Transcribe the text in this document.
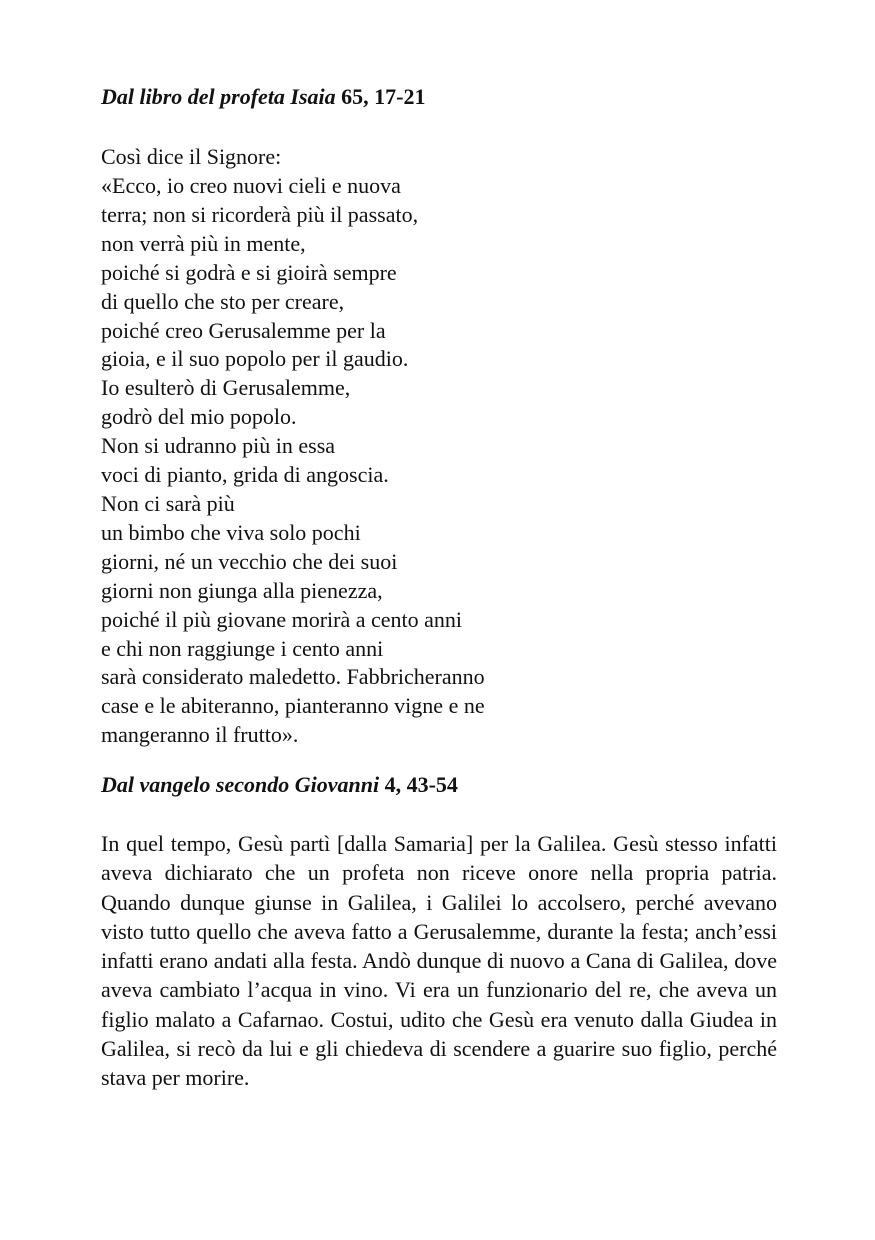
Dal libro del profeta Isaia 65, 17-21
Così dice il Signore:
«Ecco, io creo nuovi cieli e nuova
terra; non si ricorderà più il passato,
non verrà più in mente,
poiché si godrà e si gioirà sempre
di quello che sto per creare,
poiché creo Gerusalemme per la
gioia, e il suo popolo per il gaudio.
Io esulterò di Gerusalemme,
godrò del mio popolo.
Non si udranno più in essa
voci di pianto, grida di angoscia.
Non ci sarà più
un bimbo che viva solo pochi
giorni, né un vecchio che dei suoi
giorni non giunga alla pienezza,
poiché il più giovane morirà a cento anni
e chi non raggiunge i cento anni
sarà considerato maledetto. Fabbricheranno
case e le abiteranno, pianteranno vigne e ne
mangeranno il frutto».
Dal vangelo secondo Giovanni 4, 43-54

In quel tempo, Gesù partì [dalla Samaria] per la Galilea. Gesù stesso infatti aveva dichiarato che un profeta non riceve onore nella propria patria. Quando dunque giunse in Galilea, i Galilei lo accolsero, perché avevano visto tutto quello che aveva fatto a Gerusalemme, durante la festa; anch’essi infatti erano andati alla festa. Andò dunque di nuovo a Cana di Galilea, dove aveva cambiato l’acqua in vino. Vi era un funzionario del re, che aveva un figlio malato a Cafarnao. Costui, udito che Gesù era venuto dalla Giudea in Galilea, si recò da lui e gli chiedeva di scendere a guarire suo figlio, perché stava per morire.
